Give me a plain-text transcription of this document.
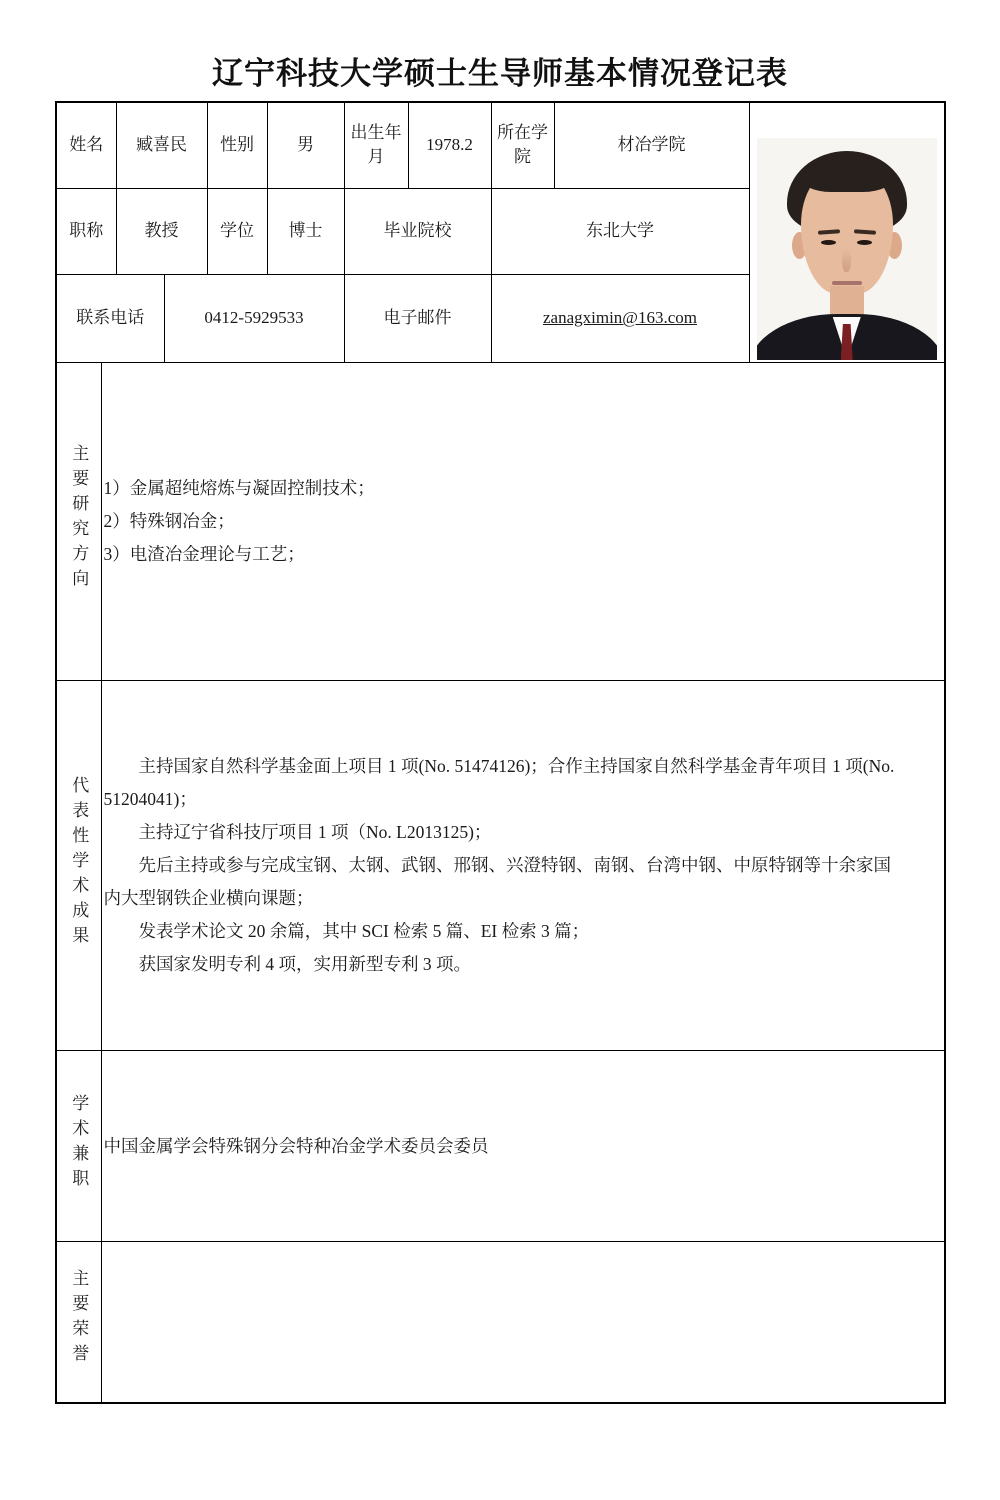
辽宁科技大学硕士生导师基本情况登记表
姓名		臧喜民		性别	男	出生年月	1978.2	所在学院	材冶学院	

职称		教授		学位	博士	毕业院校		东北大学		
联系电话			0412-5929533			电子邮件		zanagximin@163.com		
主要研究方向	1）金属超纯熔炼与凝固控制技术；
2）特殊钢冶金；
3）电渣冶金理论与工艺；									

代表性学术成果	
主持国家自然科学基金面上项目 1 项(No. 51474126)；合作主持国家自然科学基金青年项目 1 项(No.
51204041)；
主持辽宁省科技厅项目 1 项（No. L2013125)；
先后主持或参与完成宝钢、太钢、武钢、邢钢、兴澄特钢、南钢、台湾中钢、中原特钢等十余家国
内大型钢铁企业横向课题；
发表学术论文 20 余篇，其中 SCI 检索 5 篇、EI 检索 3 篇；
获国家发明专利 4 项，实用新型专利 3 项。

学术兼职	中国金属学会特殊钢分会特种冶金学术委员会委员									

主要荣誉										
